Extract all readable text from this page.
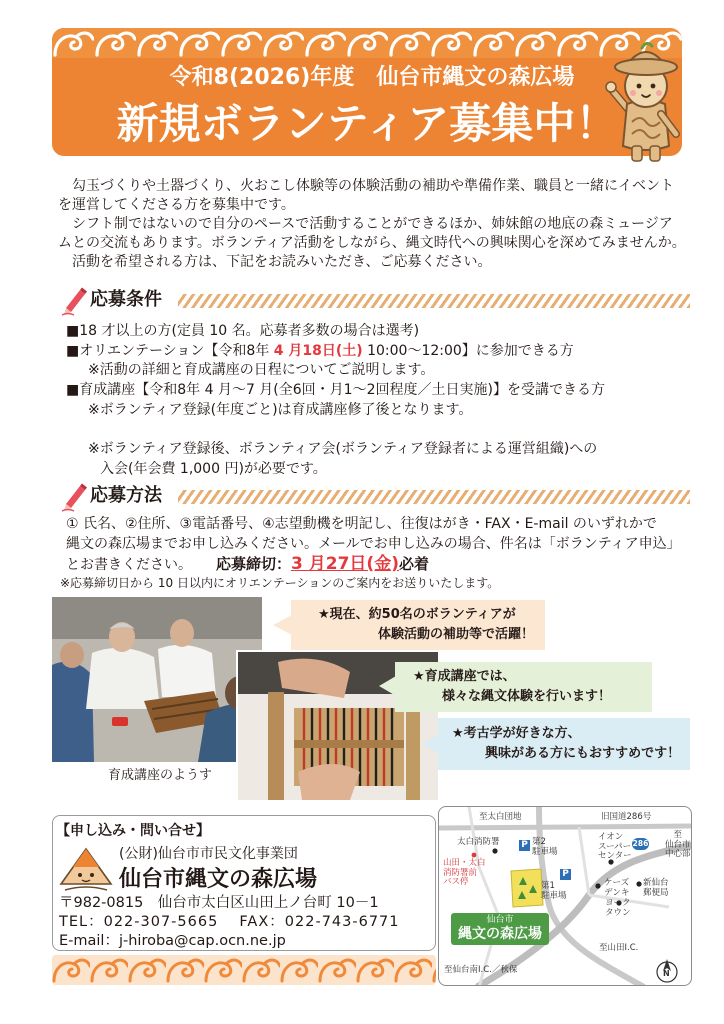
令和8(2026)年度　仙台市縄文の森広場
新規ボランティア募集中！
勾玉づくりや土器づくり、火おこし体験等の体験活動の補助や準備作業、職員と一緒にイベント
を運営してくださる方を募集中です。
シフト制ではないので自分のペースで活動することができるほか、姉妹館の地底の森ミュージア
ムとの交流もあります。ボランティア活動をしながら、縄文時代への興味関心を深めてみませんか。
活動を希望される方は、下記をお読みいただき、ご応募ください。
応募条件
■18 才以上の方(定員 10 名。応募者多数の場合は選考)
■オリエンテーション【令和8年 4 月18日(土) 10:00～12:00】に参加できる方
※活動の詳細と育成講座の日程についてご説明します。
■育成講座【令和8年 4 月～7 月(全6回・月1～2回程度／土日実施)】を受講できる方
※ボランティア登録(年度ごと)は育成講座修了後となります。
※ボランティア登録後、ボランティア会(ボランティア登録者による運営組織)への
入会(年会費 1,000 円)が必要です。
応募方法
① 氏名、②住所、③電話番号、④志望動機を明記し、往復はがき・FAX・E-mail のいずれかで
縄文の森広場までお申し込みください。メールでお申し込みの場合、件名は「ボランティア申込」
とお書きください。 応募締切：3 月27日(金)必着
※応募締切日から 10 日以内にオリエンテーションのご案内をお送りいたします。
育成講座のようす
★現在、約50名のボランティアが
体験活動の補助等で活躍！
★育成講座では、
様々な縄文体験を行います！
★考古学が好きな方、
興味がある方にもおすすめです！
【申し込み・問い合せ】
(公財)仙台市市民文化事業団
仙台市縄文の森広場
〒982-0815　仙台市太白区山田上ノ台町 10－1
TEL：022-307-5665　 FAX：022-743-6771
E-mail：j-hiroba@cap.ocn.ne.jp
至太白団地	旧国道286号
太白消防署 P 第2
駐車場
イオン
スーパー
センター
286
至
仙台市
中心部
山田・太白
消防署前
バス停
P
第1
駐車場
ケーズ
デンキ
新仙台
郵便局
ヨーク
タウン
仙台市
縄文の森広場
至山田I.C.
至仙台南I.C.／秋保	N
